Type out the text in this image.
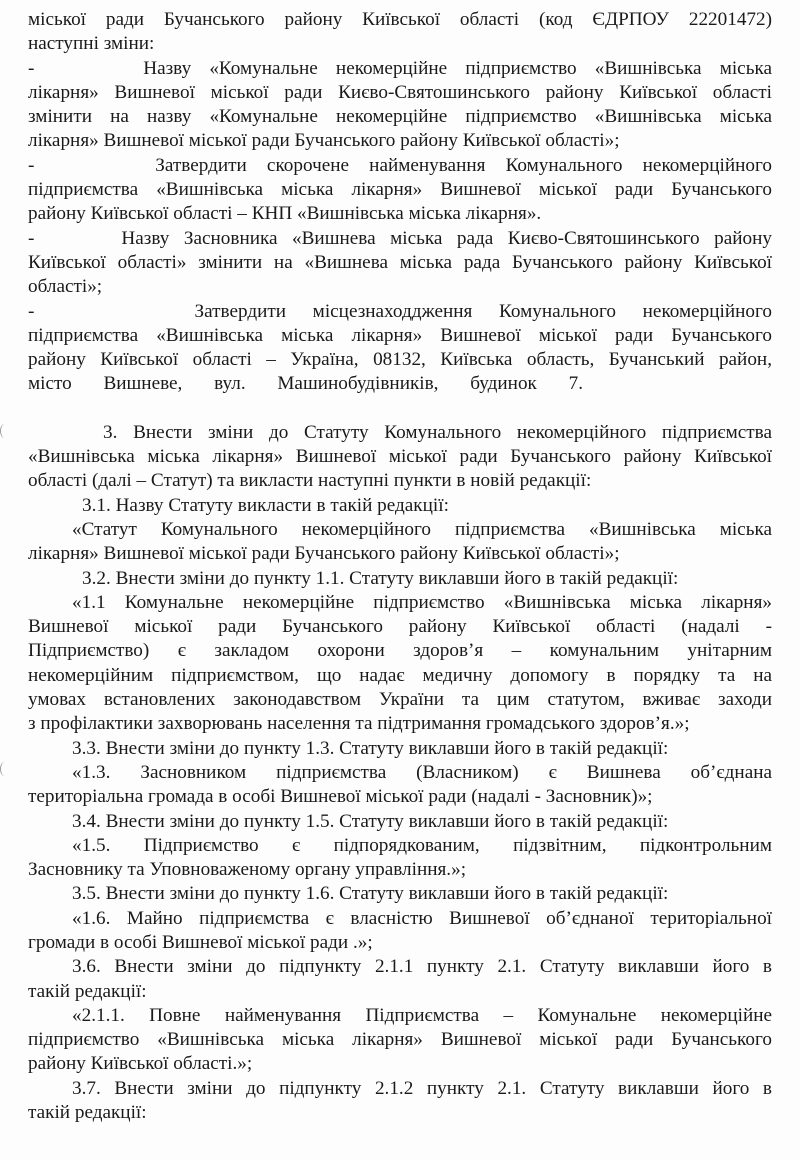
міської ради Бучанського району Київської області (код ЄДРПОУ 22201472)
наступні зміни:
-      Назву «Комунальне некомерційне підприємство «Вишнівська міська
лікарня» Вишневої міської ради Києво-Святошинського району Київської області
змінити на назву «Комунальне некомерційне підприємство «Вишнівська міська
лікарня» Вишневої міської ради Бучанського району Київської області»;
-      Затвердити скорочене найменування Комунального некомерційного
підприємства «Вишнівська міська лікарня» Вишневої міської ради Бучанського
району Київської області – КНП «Вишнівська міська лікарня».
-      Назву Засновника «Вишнева міська рада Києво-Святошинського району
Київської області» змінити на «Вишнева міська рада Бучанського району Київської
області»;
-      Затвердити місцезнаходдження Комунального некомерційного
підприємства «Вишнівська міська лікарня» Вишневої міської ради Бучанського
району Київської області – Україна, 08132, Київська область, Бучанський район,
місто Вишневе, вул. Машинобудівників, будинок 7.
3. Внести зміни до Статуту Комунального некомерційного підприємства
«Вишнівська міська лікарня» Вишневої міської ради Бучанського району Київської
області (далі – Статут) та викласти наступні пункти в новій редакції:
3.1. Назву Статуту викласти в такій редакції:
«Статут Комунального некомерційного підприємства «Вишнівська міська
лікарня» Вишневої міської ради Бучанського району Київської області»;
3.2. Внести зміни до пункту 1.1. Статуту виклавши його в такій редакції:
«1.1 Комунальне некомерційне підприємство «Вишнівська міська лікарня»
Вишневої міської ради Бучанського району Київської області (надалі -
Підприємство) є закладом охорони здоров’я – комунальним унітарним
некомерційним підприємством, що надає медичну допомогу в порядку та на
умовах встановлених законодавством України та цим статутом, вживає заходи
з профілактики захворювань населення та підтримання громадського здоров’я.»;
3.3. Внести зміни до пункту 1.3. Статуту виклавши його в такій редакції:
«1.3. Засновником підприємства (Власником) є Вишнева об’єднана
територіальна громада в особі Вишневої міської ради (надалі - Засновник)»;
3.4. Внести зміни до пункту 1.5. Статуту виклавши його в такій редакції:
«1.5. Підприємство є підпорядкованим, підзвітним, підконтрольним
Засновнику та Уповноваженому органу управління.»;
3.5. Внести зміни до пункту 1.6. Статуту виклавши його в такій редакції:
«1.6. Майно підприємства є власністю Вишневої об’єднаної територіальної
громади в особі Вишневої міської ради .»;
3.6. Внести зміни до підпункту 2.1.1 пункту 2.1. Статуту виклавши його в
такій редакції:
«2.1.1. Повне найменування Підприємства – Комунальне некомерційне
підприємство «Вишнівська міська лікарня» Вишневої міської ради Бучанського
району Київської області.»;
3.7. Внести зміни до підпункту 2.1.2 пункту 2.1. Статуту виклавши його в
такій редакції:
